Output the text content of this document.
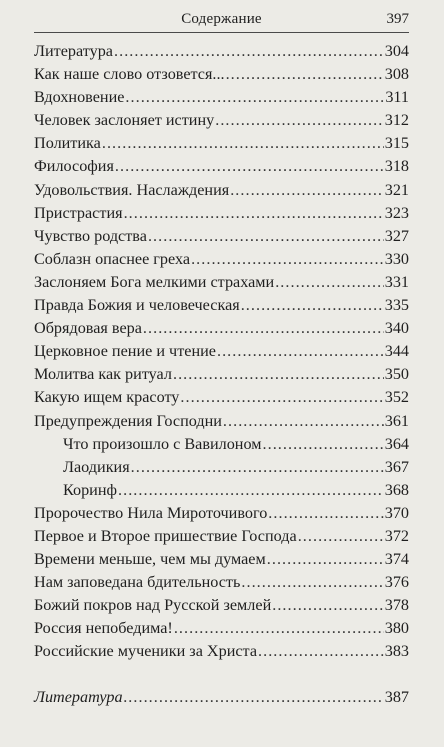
Содержание	397
Литература . . .	304
Как наше слово отзовется... . . .	308
Вдохновение . . .	311
Человек заслоняет истину . . .	312
Политика . . .	315
Философия . . .	318
Удовольствия. Наслаждения . . .	321
Пристрастия . . .	323
Чувство родства . . .	327
Соблазн опаснее греха . . .	330
Заслоняем Бога мелкими страхами . . .	331
Правда Божия и человеческая . . .	335
Обрядовая вера . . .	340
Церковное пение и чтение . . .	344
Молитва как ритуал . . .	350
Какую ищем красоту . . .	352
Предупреждения Господни . . .	361
Что произошло с Вавилоном . . .	364
Лаодикия . . .	367
Коринф . . .	368
Пророчество Нила Мироточивого . . .	370
Первое и Второе пришествие Господа . . .	372
Времени меньше, чем мы думаем . . .	374
Нам заповедана бдительность . . .	376
Божий покров над Русской землей . . .	378
Россия непобедима! . . .	380
Российские мученики за Христа . . .	383
Литература . . .	387
